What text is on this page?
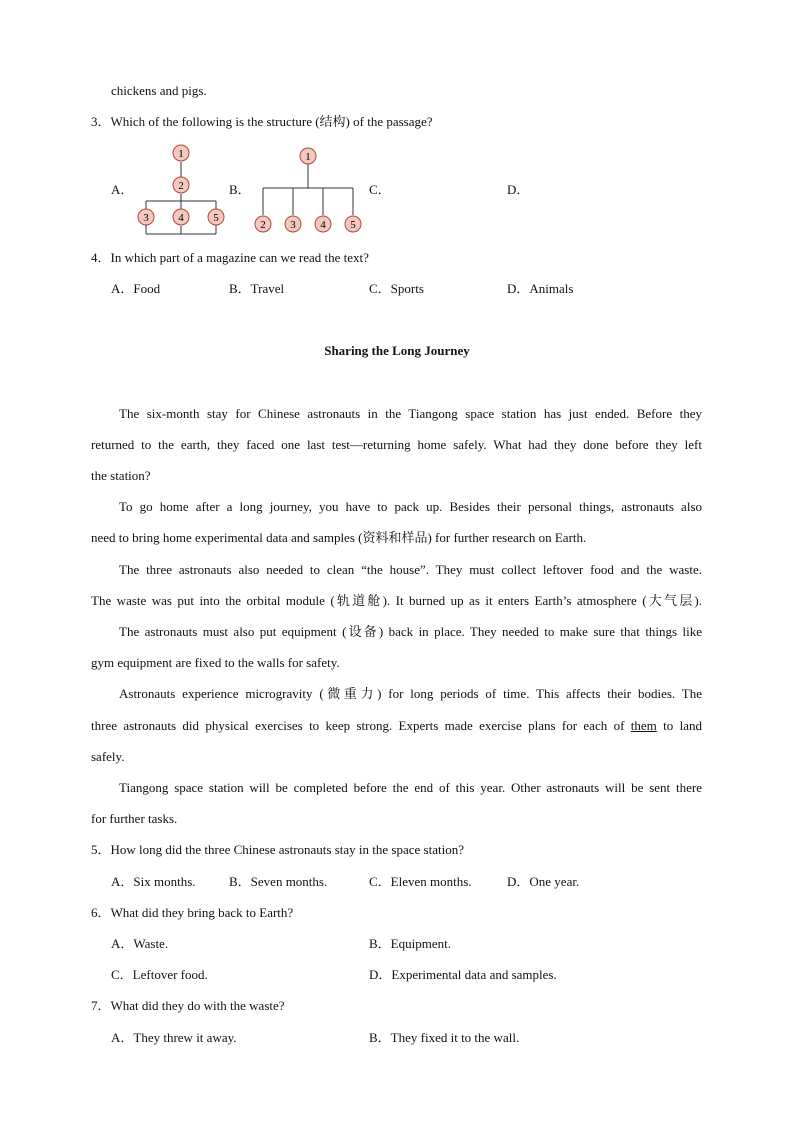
chickens and pigs.
3．Which of the following is the structure (结构) of the passage?
A．	B．	C．	D．
1
2
3	4	5
1
2 3 4 5
4．In which part of a magazine can we read the text?
A．Food	B．Travel	C．Sports	D．Animals
Sharing the Long Journey
The six-month stay for Chinese astronauts in the Tiangong space station has just ended. Before they
returned to the earth, they faced one last test—returning home safely. What had they done before they left
the station?
To go home after a long journey, you have to pack up. Besides their personal things, astronauts also
need to bring home experimental data and samples (资料和样品) for further research on Earth.
The three astronauts also needed to clean “the house”. They must collect leftover food and the waste.
The waste was put into the orbital module (轨道舱). It burned up as it enters Earth’s atmosphere (大气层).
The astronauts must also put equipment (设备) back in place. They needed to make sure that things like
gym equipment are fixed to the walls for safety.
Astronauts experience microgravity (微重力) for long periods of time. This affects their bodies. The
three astronauts did physical exercises to keep strong. Experts made exercise plans for each of them to land
safely.
Tiangong space station will be completed before the end of this year. Other astronauts will be sent there
for further tasks.
5．How long did the three Chinese astronauts stay in the space station?
A．Six months.	B．Seven months.	C．Eleven months.	D．One year.
6．What did they bring back to Earth?
A．Waste.	B．Equipment.
C．Leftover food.	D．Experimental data and samples.
7．What did they do with the waste?
A．They threw it away.	B．They fixed it to the wall.
